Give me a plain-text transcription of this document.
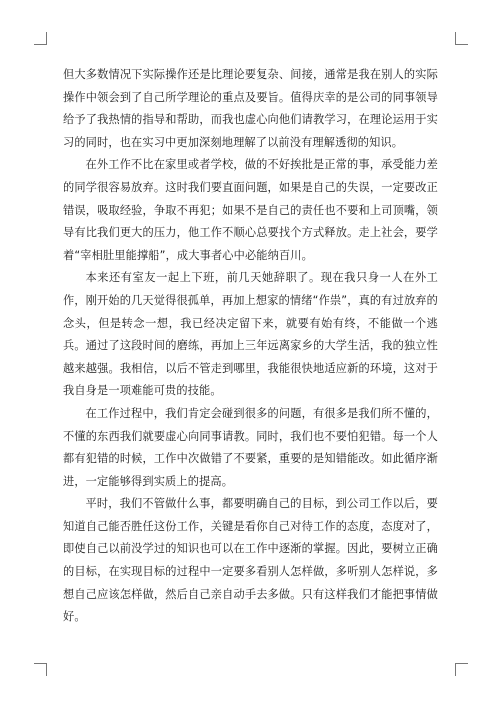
但大多数情况下实际操作还是比理论要复杂、间接，通常是我在别人的实际操作中领会到了自己所学理论的重点及要旨。值得庆幸的是公司的同事领导给予了我热情的指导和帮助，而我也虚心向他们请教学习，在理论运用于实习的同时，也在实习中更加深刻地理解了以前没有理解透彻的知识。

在外工作不比在家里或者学校，做的不好挨批是正常的事，承受能力差的同学很容易放弃。这时我们要直面问题，如果是自己的失误，一定要改正错误，吸取经验，争取不再犯；如果不是自己的责任也不要和上司顶嘴，领导有比我们更大的压力，他工作不顺心总要找个方式释放。走上社会，要学着“宰相肚里能撑船”，成大事者心中必能纳百川。

本来还有室友一起上下班，前几天她辞职了。现在我只身一人在外工作，刚开始的几天觉得很孤单，再加上想家的情绪“作祟”，真的有过放弃的念头，但是转念一想，我已经决定留下来，就要有始有终，不能做一个逃兵。通过了这段时间的磨练，再加上三年远离家乡的大学生活，我的独立性越来越强。我相信，以后不管走到哪里，我能很快地适应新的环境，这对于我自身是一项难能可贵的技能。

在工作过程中，我们肯定会碰到很多的问题，有很多是我们所不懂的，不懂的东西我们就要虚心向同事请教。同时，我们也不要怕犯错。每一个人都有犯错的时候，工作中次做错了不要紧，重要的是知错能改。如此循序渐进，一定能够得到实质上的提高。

平时，我们不管做什么事，都要明确自己的目标，到公司工作以后，要知道自己能否胜任这份工作，关键是看你自己对待工作的态度，态度对了，即使自己以前没学过的知识也可以在工作中逐渐的掌握。因此，要树立正确的目标，在实现目标的过程中一定要多看别人怎样做，多听别人怎样说，多想自己应该怎样做，然后自己亲自动手去多做。只有这样我们才能把事情做好。
